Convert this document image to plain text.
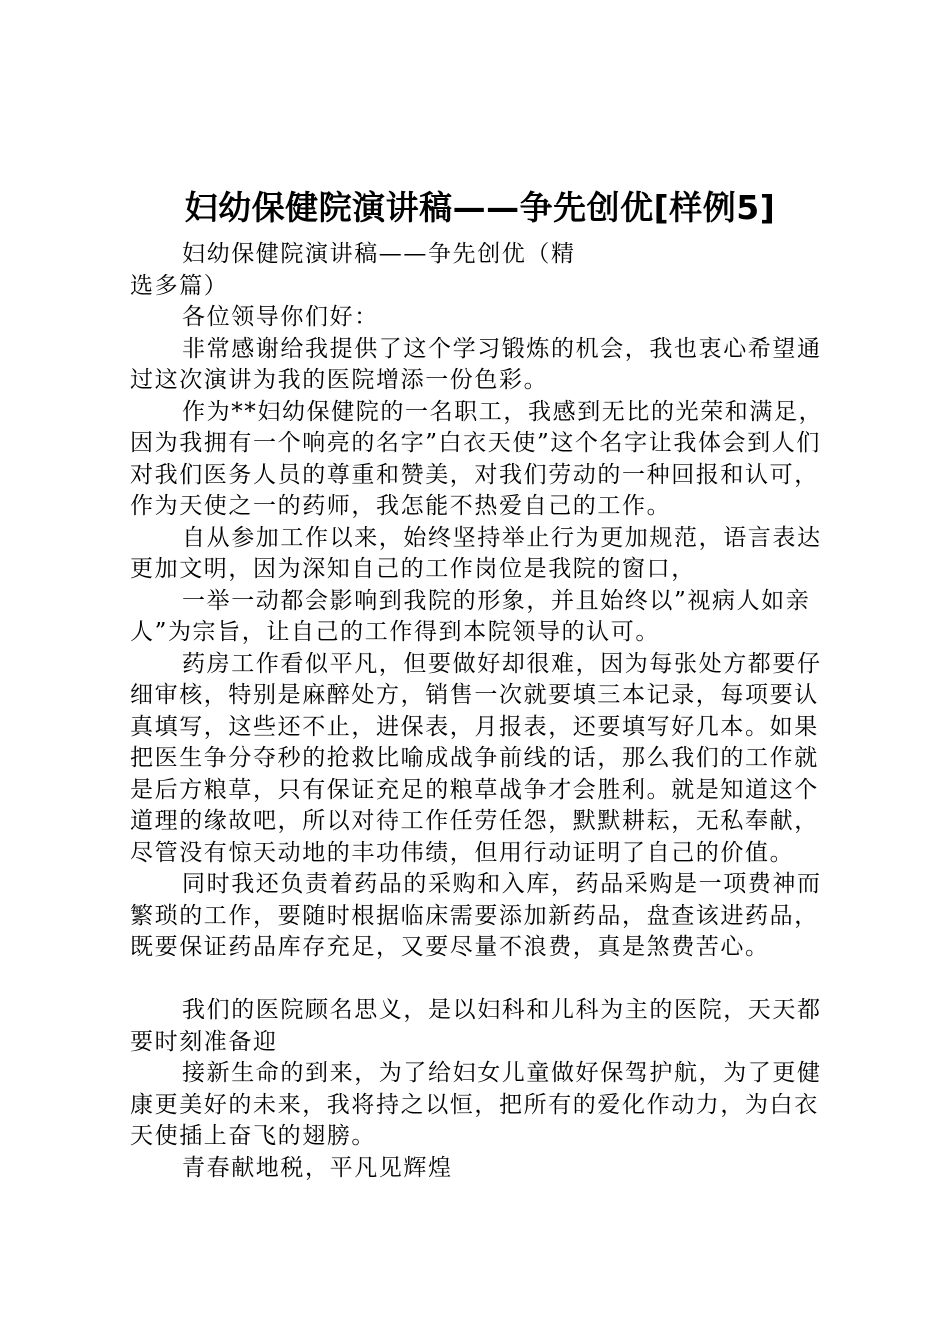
妇幼保健院演讲稿——争先创优[样例5]

妇幼保健院演讲稿——争先创优（精选多篇）

各位领导你们好：

非常感谢给我提供了这个学习锻炼的机会，我也衷心希望通过这次演讲为我的医院增添一份色彩。

作为**妇幼保健院的一名职工，我感到无比的光荣和满足，因为我拥有一个响亮的名字”白衣天使”这个名字让我体会到人们对我们医务人员的尊重和赞美，对我们劳动的一种回报和认可，作为天使之一的药师，我怎能不热爱自己的工作。

自从参加工作以来，始终坚持举止行为更加规范，语言表达更加文明，因为深知自己的工作岗位是我院的窗口，

一举一动都会影响到我院的形象，并且始终以”视病人如亲人”为宗旨，让自己的工作得到本院领导的认可。

药房工作看似平凡，但要做好却很难，因为每张处方都要仔细审核，特别是麻醉处方，销售一次就要填三本记录，每项要认真填写，这些还不止，进保表，月报表，还要填写好几本。如果把医生争分夺秒的抢救比喻成战争前线的话，那么我们的工作就是后方粮草，只有保证充足的粮草战争才会胜利。就是知道这个道理的缘故吧，所以对待工作任劳任怨，默默耕耘，无私奉献，尽管没有惊天动地的丰功伟绩，但用行动证明了自己的价值。

同时我还负责着药品的采购和入库，药品采购是一项费神而繁琐的工作，要随时根据临床需要添加新药品，盘查该进药品，既要保证药品库存充足，又要尽量不浪费，真是煞费苦心。

我们的医院顾名思义，是以妇科和儿科为主的医院，天天都要时刻准备迎

接新生命的到来，为了给妇女儿童做好保驾护航，为了更健康更美好的未来，我将持之以恒，把所有的爱化作动力，为白衣天使插上奋飞的翅膀。

青春献地税，平凡见辉煌
